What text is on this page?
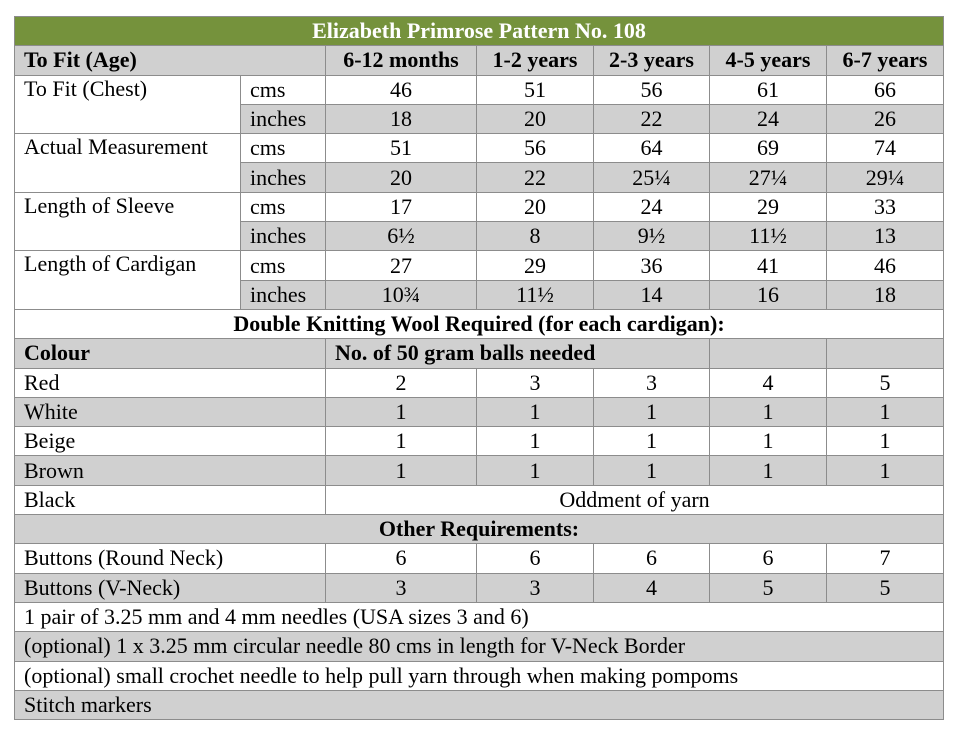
Elizabeth Primrose Pattern No. 108						
To Fit (Age)		6-12 months	1-2 years	2-3 years	4-5 years	6-7 years
To Fit (Chest)	cms	46	51	56	61	66
	inches	18	20	22	24	26
Actual Measurement	cms	51	56	64	69	74
	inches	20	22	25¼	27¼	29¼
Length of Sleeve	cms	17	20	24	29	33
	inches	6½	8	9½	11½	13
Length of Cardigan	cms	27	29	36	41	46
	inches	10¾	11½	14	16	18
Double Knitting Wool Required (for each cardigan):						
Colour		No. of 50 gram balls needed				
Red		2	3	3	4	5
White		1	1	1	1	1
Beige		1	1	1	1	1
Brown		1	1	1	1	1
Black		Oddment of yarn				
Other Requirements:						
Buttons (Round Neck)		6	6	6	6	7
Buttons (V-Neck)		3	3	4	5	5
1 pair of 3.25 mm and 4 mm needles (USA sizes 3 and 6)						
(optional) 1 x 3.25 mm circular needle 80 cms in length for V-Neck Border						
(optional) small crochet needle to help pull yarn through when making pompoms						
Stitch markers						
